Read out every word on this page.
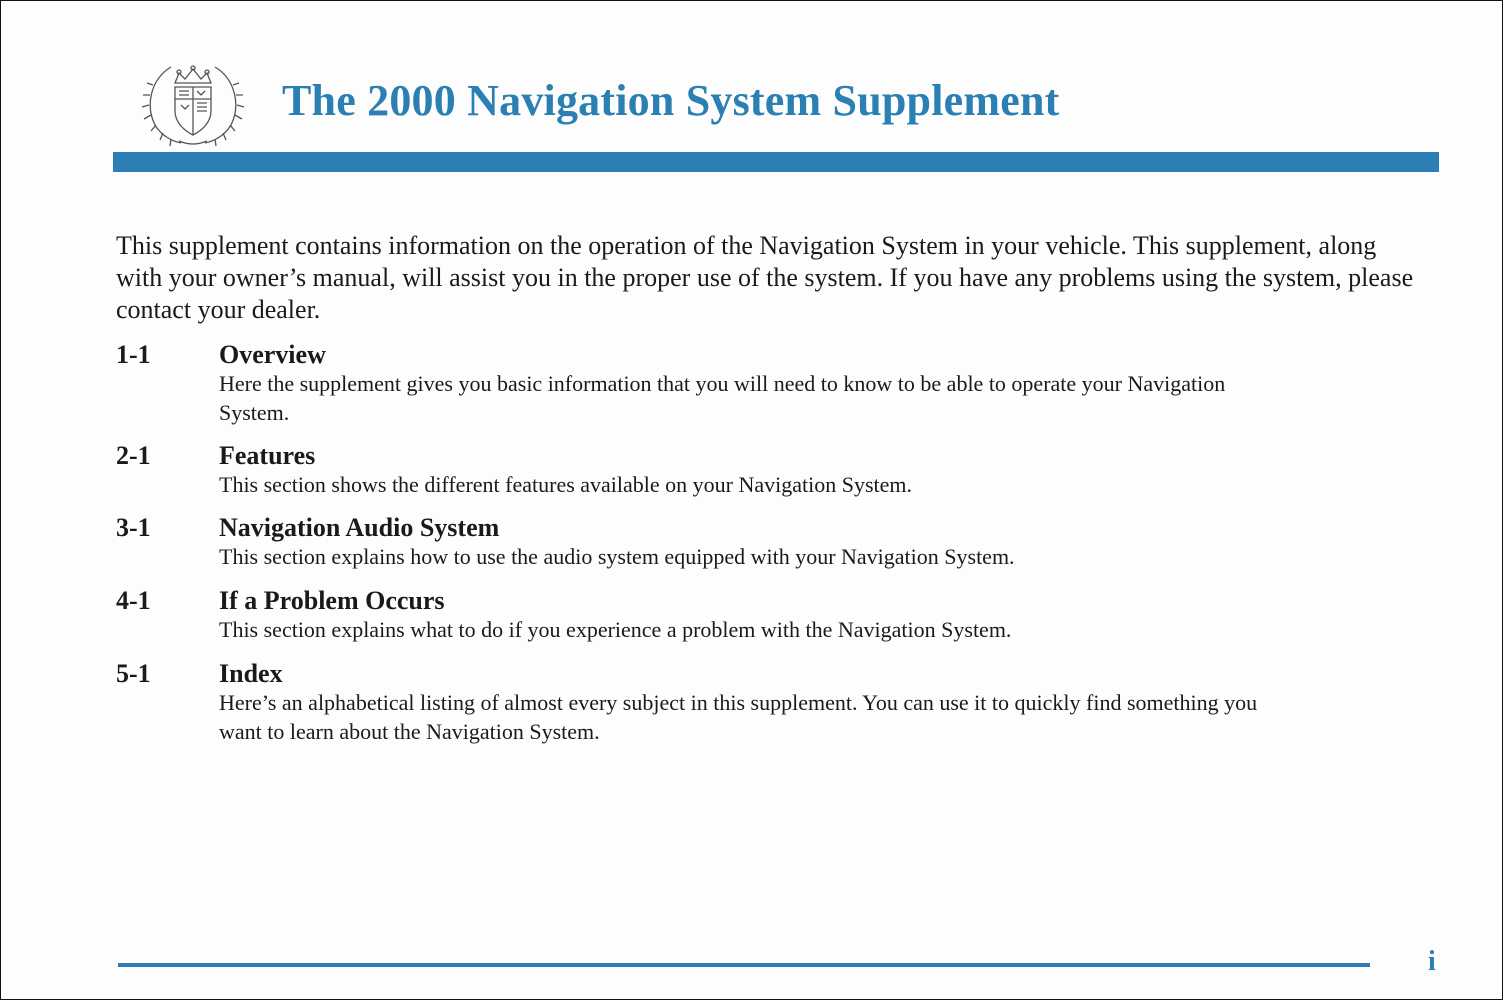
The 2000 Navigation System Supplement

This supplement contains information on the operation of the Navigation System in your vehicle. This supplement, along with your owner’s manual, will assist you in the proper use of the system. If you have any problems using the system, please contact your dealer.

1-1	Overview

Here the supplement gives you basic information that you will need to know to be able to operate your Navigation System.

2-1	Features

This section shows the different features available on your Navigation System.

3-1	Navigation Audio System

This section explains how to use the audio system equipped with your Navigation System.

4-1	If a Problem Occurs

This section explains what to do if you experience a problem with the Navigation System.

5-1	Index

Here’s an alphabetical listing of almost every subject in this supplement. You can use it to quickly find something you want to learn about the Navigation System.

i
